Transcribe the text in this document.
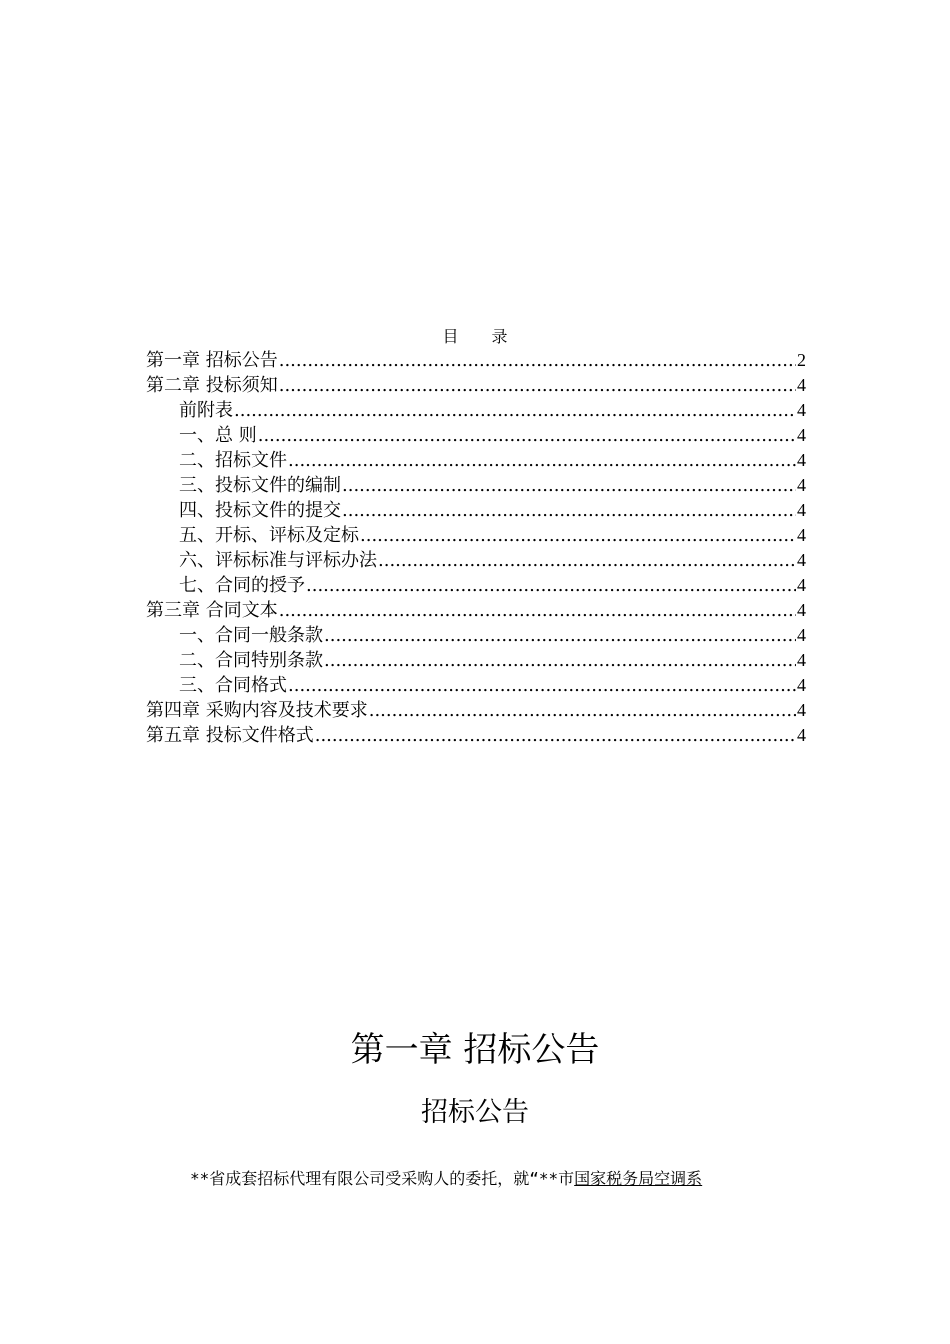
目 录
第一章 招标公告 .....	2
第二章 投标须知 .....	4
前附表 .....	4
一、总 则 .....	4
二、招标文件 .....	4
三、投标文件的编制 .....	4
四、投标文件的提交 .....	4
五、开标、评标及定标 .....	4
六、评标标准与评标办法 .....	4
七、合同的授予 .....	4
第三章 合同文本 .....	4
一、合同一般条款 .....	4
二、合同特别条款 .....	4
三、合同格式 .....	4
第四章 采购内容及技术要求 .....	4
第五章 投标文件格式 .....	4
第一章 招标公告
招标公告
**省成套招标代理有限公司受采购人的委托，就“**市国家税务局空调系
